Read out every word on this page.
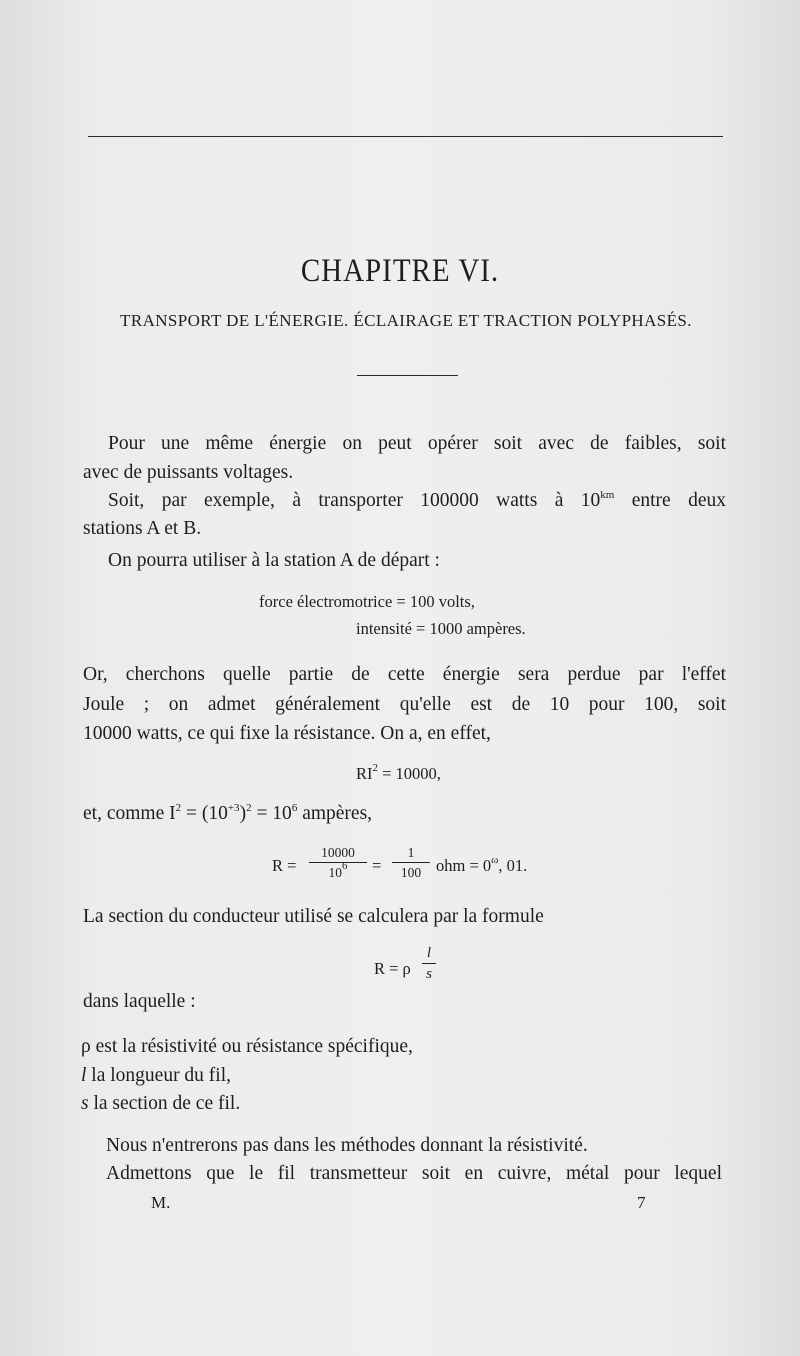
CHAPITRE VI.
TRANSPORT DE L'ÉNERGIE. ÉCLAIRAGE ET TRACTION POLYPHASÉS.
Pour une même énergie on peut opérer soit avec de faibles, soit
avec de puissants voltages.
Soit, par exemple, à transporter 100000 watts à $10^{km}$ entre deux
stations A et B.
On pourra utiliser à la station A de départ :
force électromotrice = 100 volts,
intensité = 1000 ampères.
Or, cherchons quelle partie de cette énergie sera perdue par l'effet
Joule ; on admet généralement qu'elle est de 10 pour 100, soit
10000 watts, ce qui fixe la résistance. On a, en effet,
$RI^2 = 10000$,
et, comme $I^2 = (10^{+3})^2 = 10^6$ ampères,
$R = \frac{10000}{10^6} = \frac{1}{100}$ ohm = $0^\omega$, 01.
La section du conducteur utilisé se calculera par la formule
R = ρ $\frac{l}{s}$
dans laquelle :
ρ est la résistivité ou résistance spécifique,
l la longueur du fil,
s la section de ce fil.
Nous n'entrerons pas dans les méthodes donnant la résistivité.
Admettons que le fil transmetteur soit en cuivre, métal pour lequel
M.	7
